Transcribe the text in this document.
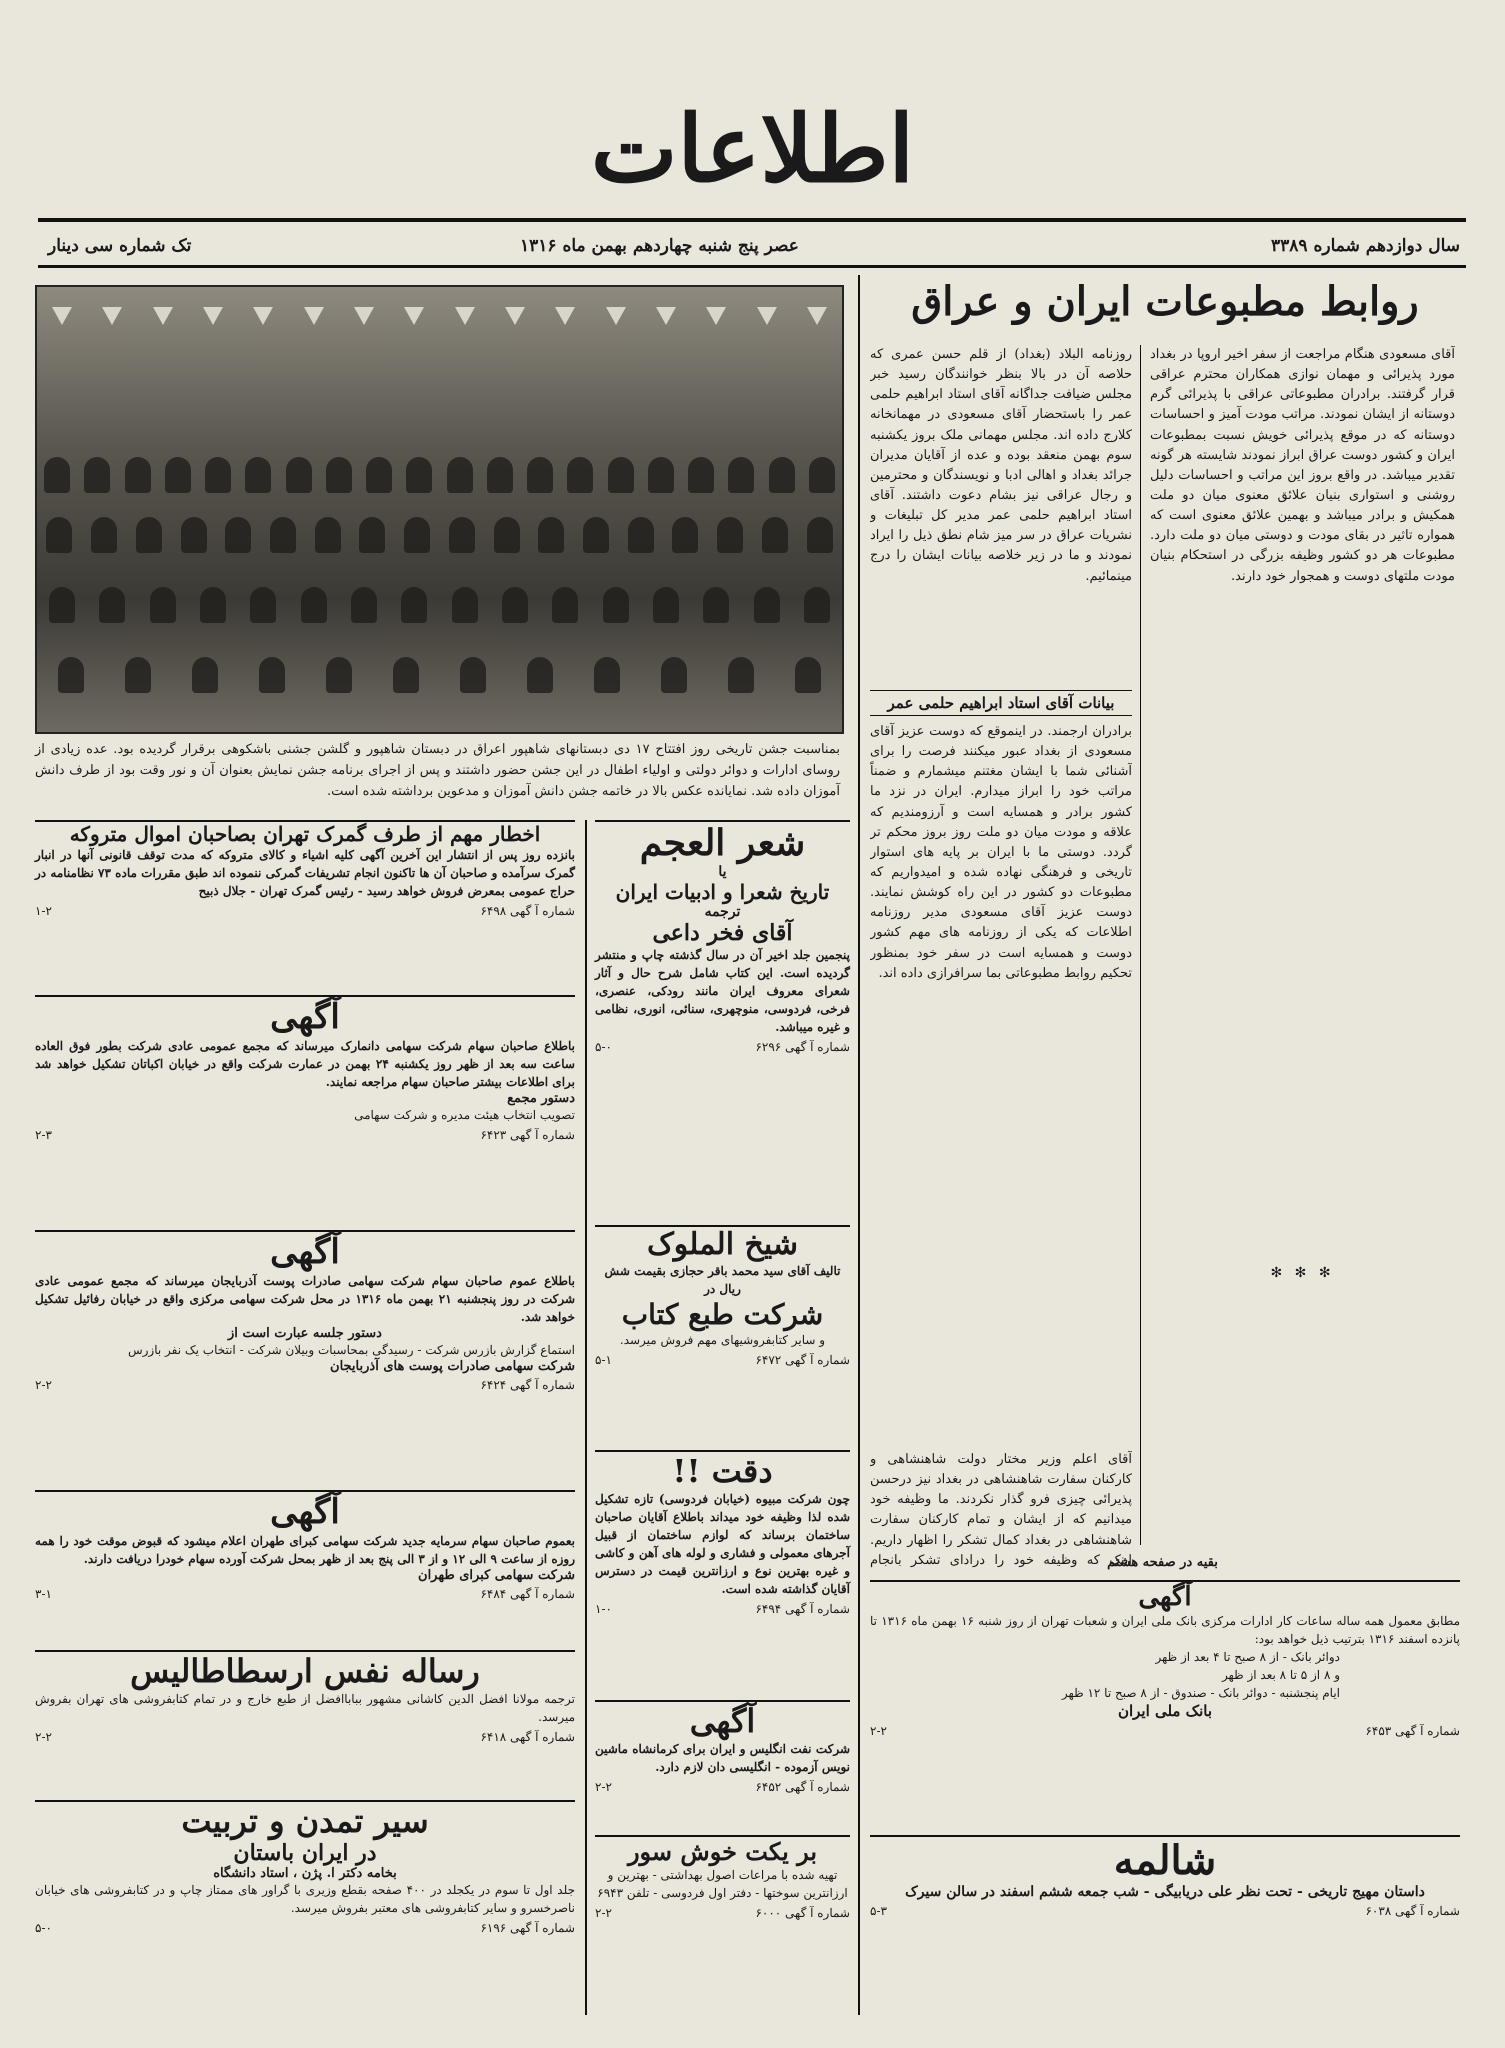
اطلاعات
سال دوازدهم شماره ۳۳۸۹
عصر پنج شنبه چهاردهم بهمن ماه ۱۳۱۶
تک شماره سی دینار
روابط مطبوعات ایران و عراق
آقای مسعودی هنگام مراجعت از سفر اخیر اروپا در بغداد مورد پذیرائی و مهمان نوازی همکاران محترم عراقی قرار گرفتند. برادران مطبوعاتی عراقی با پذیرائی گرم دوستانه از ایشان نمودند. مراتب مودت آمیز و احساسات دوستانه که در موقع پذیرائی خویش نسبت بمطبوعات ایران و کشور دوست عراق ابراز نمودند شایسته هر گونه تقدیر میباشد. در واقع بروز این مراتب و احساسات دلیل روشنی و استواری بنیان علائق معنوی میان دو ملت همکیش و برادر میباشد و بهمین علائق معنوی است که همواره تاثیر در بقای مودت و دوستی میان دو ملت دارد. مطبوعات هر دو کشور وظیفه بزرگی در استحکام بنیان مودت ملتهای دوست و همجوار خود دارند.
روزنامه البلاد (بغداد) از قلم حسن عمری که حلاصه آن در بالا بنظر خوانندگان رسید خبر مجلس ضیافت جداگانه آقای استاد ابراهیم حلمی عمر را باستحضار آقای مسعودی در مهمانخانه کلارج داده اند. مجلس مهمانی ملک بروز یکشنبه سوم بهمن منعقد بوده و عده از آقایان مدیران جرائد بغداد و اهالی ادبا و نویسندگان و محترمین و رجال عراقی نیز بشام دعوت داشتند. آقای استاد ابراهیم حلمی عمر مدیر کل تبلیغات و نشریات عراق در سر میز شام نطق ذیل را ایراد نمودند و ما در زیر خلاصه بیانات ایشان را درج مینمائیم.
بیانات آقای استاد ابراهیم حلمی عمر
برادران ارجمند. در اینموقع که دوست عزیز آقای مسعودی از بغداد عبور میکنند فرصت را برای آشنائی شما با ایشان مغتنم میشمارم و ضمناً مراتب خود را ابراز میدارم. ایران در نزد ما کشور برادر و همسایه است و آرزومندیم که علاقه و مودت میان دو ملت روز بروز محکم تر گردد. دوستی ما با ایران بر پایه های استوار تاریخی و فرهنگی نهاده شده و امیدواریم که مطبوعات دو کشور در این راه کوشش نمایند. دوست عزیز آقای مسعودی مدیر روزنامه اطلاعات که یکی از روزنامه های مهم کشور دوست و همسایه است در سفر خود بمنظور تحکیم روابط مطبوعاتی بما سرافرازی داده اند.
✻ ✻ ✻
آقای اعلم وزیر مختار دولت شاهنشاهی و کارکنان سفارت شاهنشاهی در بغداد نیز درحسن پذیرائی چیزی فرو گذار نکردند. ما وظیفه خود میدانیم که از ایشان و تمام کارکنان سفارت شاهنشاهی در بغداد کمال تشکر را اظهار داریم. اینک که وظیفه خود را درادای تشکر بانجام	بقیه در صفحه هشتم
آگهی
مطابق معمول همه ساله ساعات کار ادارات مرکزی بانک ملی ایران و شعبات تهران از روز شنبه ۱۶ بهمن ماه ۱۳۱۶ تا پانزده اسفند ۱۳۱۶ بترتیب ذیل خواهد بود:
دوائر بانک - از ۸ صبح تا ۴ بعد از ظهر
و ۸ از ۵ تا ۸ بعد از ظهر
ایام پنجشنبه - دوائر بانک - صندوق - از ۸ صبح تا ۱۲ ظهر
بانک ملی ایران
شماره آ گهی ۶۴۵۳
۲-۲
شالمه
داستان مهیج تاریخی - تحت نظر علی دریابیگی - شب جمعه ششم اسفند در سالن سیرک
شماره آ گهی ۶۰۳۸
۵-۳
بمناسبت جشن تاریخی روز افتتاح ۱۷ دی دبستانهای شاهپور اعراق در دبستان شاهپور و گلشن جشنی باشکوهی برقرار گردیده بود. عده زیادی از روسای ادارات و دوائر دولتی و اولیاء اطفال در این جشن حضور داشتند و پس از اجرای برنامه جشن نمایش بعنوان آن و نور وقت بود از طرف دانش آموزان داده شد. نمایانده عکس بالا در خاتمه جشن دانش آموزان و مدعوین برداشته شده است.
اخطار مهم از طرف گمرک تهران بصاحبان اموال متروکه
بانزده روز پس از انتشار این آخرین آگهی کلیه اشیاء و کالای متروکه که مدت توقف قانونی آنها در انبار گمرک سرآمده و صاحبان آن ها تاکنون انجام تشریفات گمرکی ننموده اند طبق مقررات ماده ۷۳ نظامنامه در حراج عمومی بمعرض فروش خواهد رسید - رئیس گمرک تهران - جلال ذبیح
شماره آ گهی ۶۴۹۸
۱-۲
آگهی
باطلاع صاحبان سهام شرکت سهامی دانمارک میرساند که مجمع عمومی عادی شرکت بطور فوق العاده ساعت سه بعد از ظهر روز یکشنبه ۲۴ بهمن در عمارت شرکت واقع در خیابان اکباتان تشکیل خواهد شد برای اطلاعات بیشتر صاحبان سهام مراجعه نمایند.
دستور مجمع
تصویب انتخاب هیئت مدیره و شرکت سهامی
شماره آ گهی ۶۴۲۳
۲-۳
آگهی
باطلاع عموم صاحبان سهام شرکت سهامی صادرات پوست آذربایجان میرساند که مجمع عمومی عادی شرکت در روز پنجشنبه ۲۱ بهمن ماه ۱۳۱۶ در محل شرکت سهامی مرکزی واقع در خیابان رفائیل تشکیل خواهد شد.
دستور جلسه عبارت است از
استماع گزارش بازرس شرکت - رسیدگی بمحاسبات وبیلان شرکت - انتخاب یک نفر بازرس
شرکت سهامی صادرات پوست های آذربایجان
شماره آ گهی ۶۴۲۴
۲-۲
آگهی
بعموم صاحبان سهام سرمایه جدید شرکت سهامی کبرای طهران اعلام میشود که قبوض موقت خود را همه روزه از ساعت ۹ الی ۱۲ و از ۳ الی پنج بعد از ظهر بمحل شرکت آورده سهام خودرا دریافت دارند.
شرکت سهامی کبرای طهران
شماره آ گهی ۶۴۸۴
۳-۱
رساله نفس ارسطاطالیس
ترجمه مولانا افضل الدین کاشانی مشهور بباباافضل از طبع خارج و در تمام کتابفروشی های تهران بفروش میرسد.
شماره آ گهی ۶۴۱۸
۲-۲
سیر تمدن و تربیت
در ایران باستان
بخامه دکتر ا. پژن ، استاد دانشگاه
جلد اول تا سوم در یکجلد در ۴۰۰ صفحه بقطع وزیری با گراور های ممتاز چاپ و در کتابفروشی های خیابان ناصرخسرو و سایر کتابفروشی های معتبر بفروش میرسد.
شماره آ گهی ۶۱۹۶
۵-۰
شعر العجم
یا
تاریخ شعرا و ادبیات ایران
ترجمه
آقای فخر داعی
پنجمین جلد اخیر آن در سال گذشته چاپ و منتشر گردیده است. این کتاب شامل شرح حال و آثار شعرای معروف ایران مانند رودکی، عنصری، فرخی، فردوسی، منوچهری، سنائی، انوری، نظامی و غیره میباشد.
شماره آ گهی ۶۲۹۶
۵-۰
شیخ الملوک
تالیف آقای سید محمد باقر حجازی بقیمت شش ریال در
شرکت طبع کتاب
و سایر کتابفروشیهای مهم فروش میرسد.
شماره آ گهی ۶۴۷۲
۵-۱
دقت !!
چون شرکت مبیوه (خیابان فردوسی) تازه تشکیل شده لذا وظیفه خود میداند باطلاع آقایان صاحبان ساختمان برساند که لوازم ساختمان از قبیل آجرهای معمولی و فشاری و لوله های آهن و کاشی و غیره بهترین نوع و ارزانترین قیمت در دسترس آقایان گذاشته شده است.
شماره آ گهی ۶۴۹۴
۱-۰
آگهی
شرکت نفت انگلیس و ایران برای کرمانشاه ماشین نویس آزموده - انگلیسی دان لازم دارد.
شماره آ گهی ۶۴۵۲
۲-۲
بر یکت خوش سور
تهیه شده با مراعات اصول بهداشتی - بهترین و ارزانترین سوختها - دفتر اول فردوسی - تلفن ۶۹۴۳
شماره آ گهی ۶۰۰۰
۲-۲
